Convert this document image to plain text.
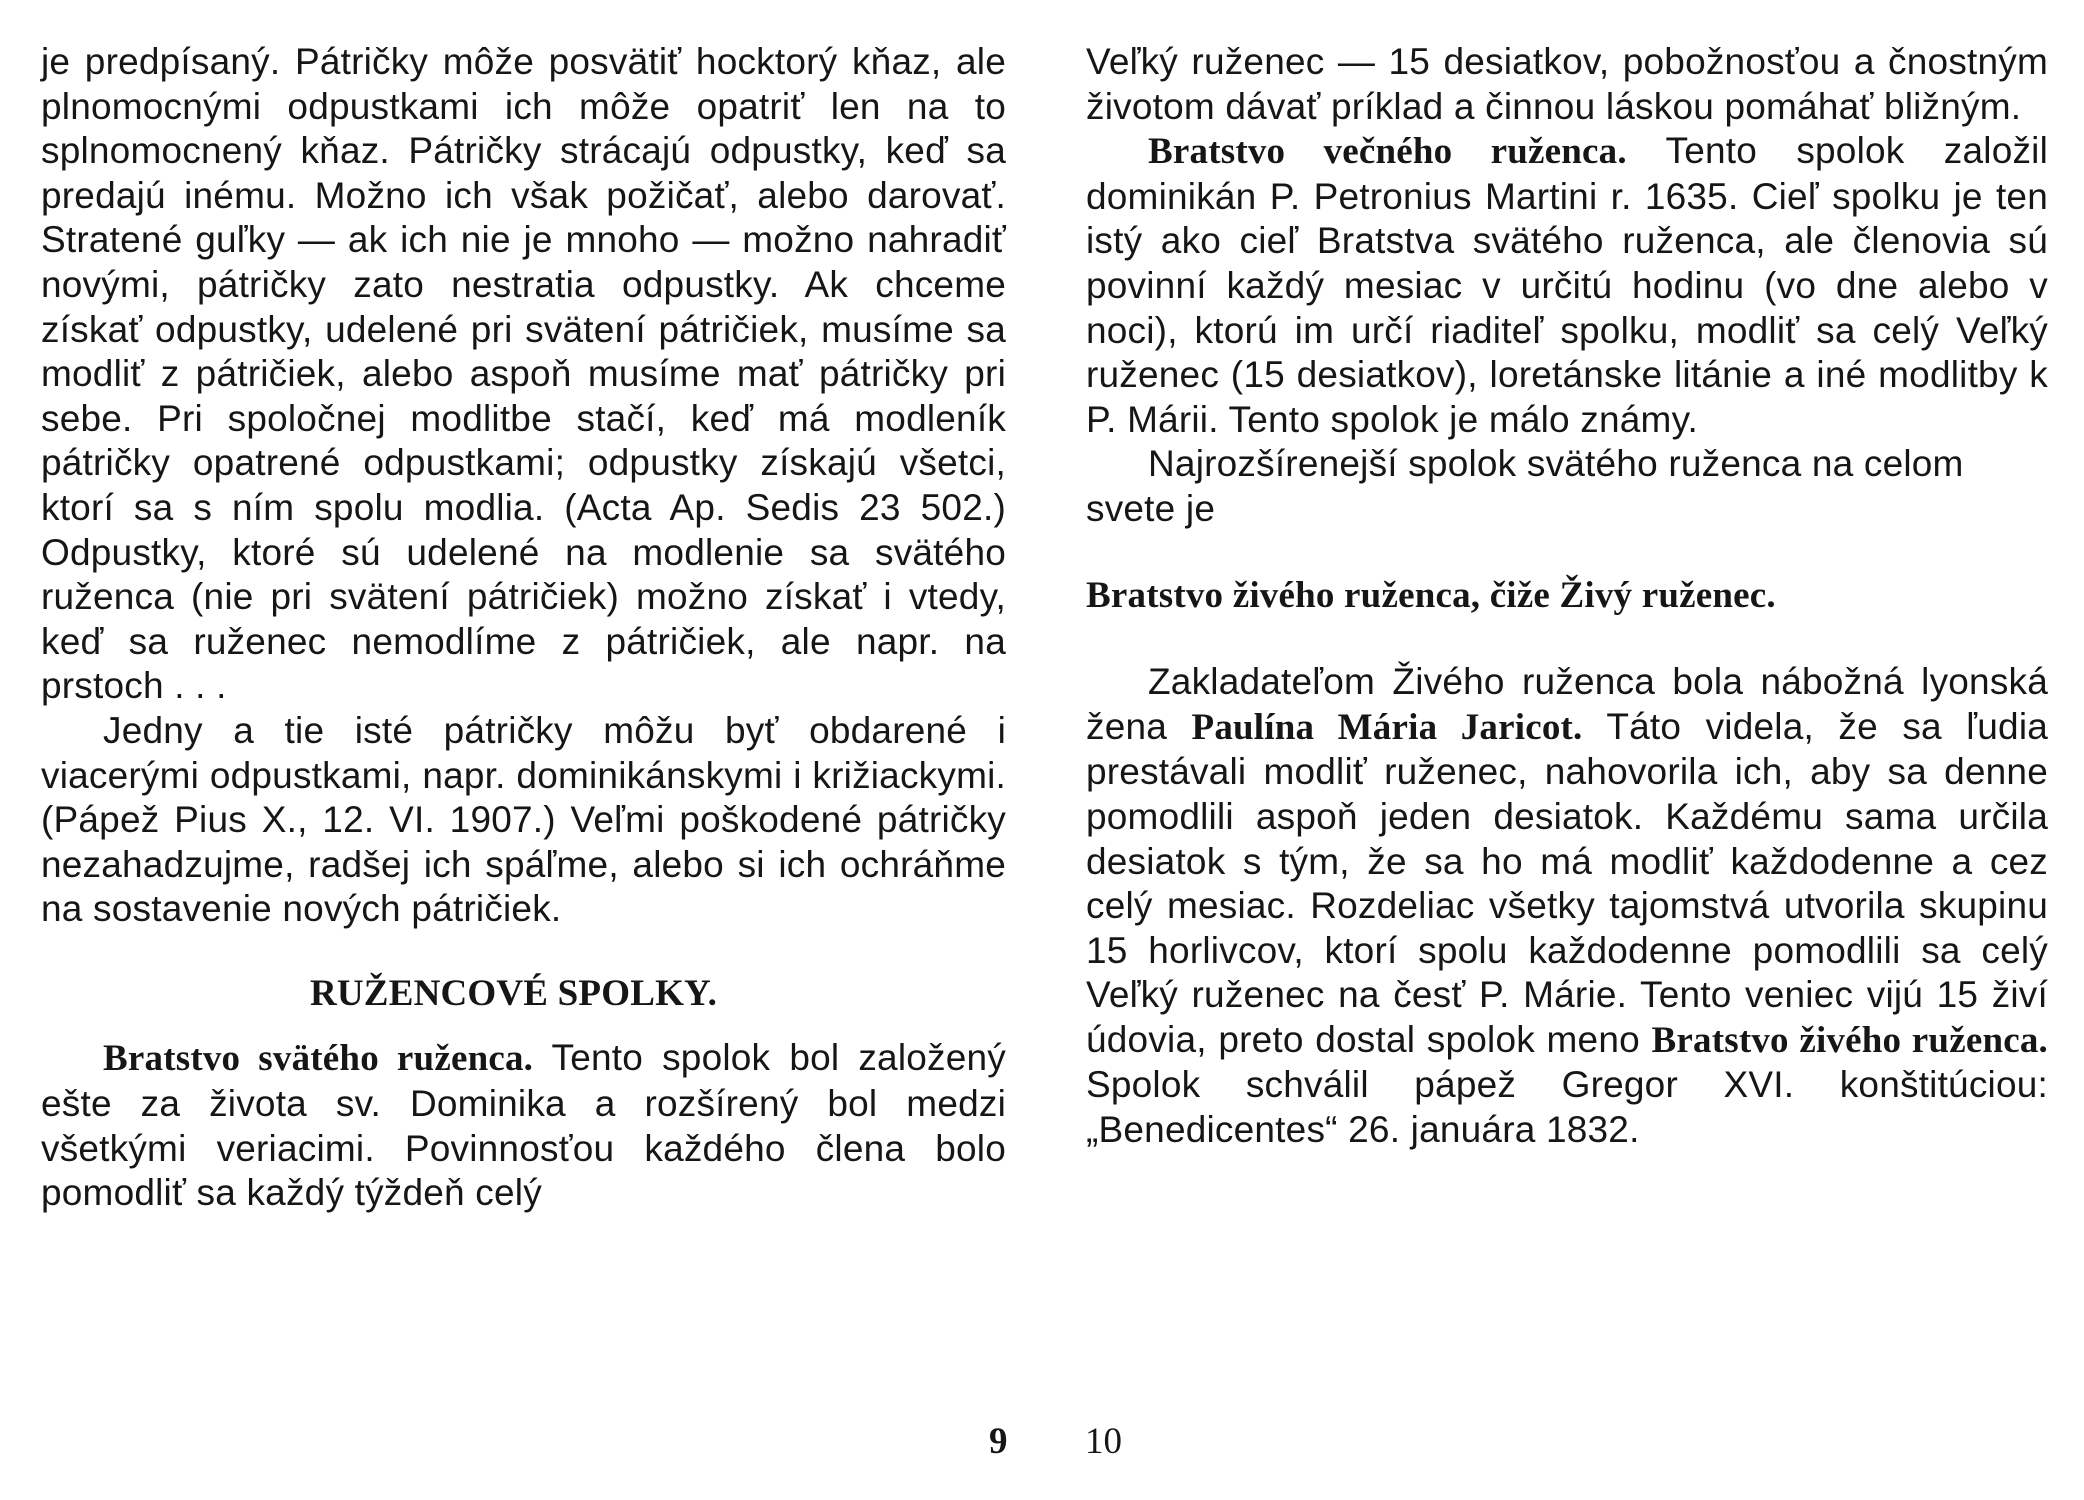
je predpísaný. Pátričky môže posvätiť hocktorý kňaz, ale plnomocnými odpustkami ich môže opatriť len na to splnomocnený kňaz. Pátričky strácajú odpustky, keď sa predajú inému. Možno ich však požičať, alebo darovať. Stratené guľky — ak ich nie je mnoho — možno nahradiť novými, pátričky zato nestratia odpustky. Ak chceme získať odpustky, udelené pri svätení pátričiek, musíme sa modliť z pátričiek, alebo aspoň musíme mať pátričky pri sebe. Pri spoločnej modlitbe stačí, keď má modleník pátričky opatrené odpustkami; odpustky získajú všetci, ktorí sa s ním spolu modlia. (Acta Ap. Sedis 23 502.) Odpustky, ktoré sú udelené na modlenie sa svätého ruženca (nie pri svätení pátričiek) možno získať i vtedy, keď sa ruženec nemodlíme z pátričiek, ale napr. na prstoch . . .

Jedny a tie isté pátričky môžu byť obdarené i viacerými odpustkami, napr. dominikánskymi i križiackymi. (Pápež Pius X., 12. VI. 1907.) Veľmi poškodené pátričky nezahadzujme, radšej ich spáľme, alebo si ich ochráňme na sostavenie nových pátričiek.

RUŽENCOVÉ SPOLKY.

Bratstvo svätého ruženca. Tento spolok bol založený ešte za života sv. Dominika a rozšírený bol medzi všetkými veriacimi. Povinnosťou každého člena bolo pomodliť sa každý týždeň celý

9

Veľký ruženec — 15 desiatkov, pobožnosťou a čnostným životom dávať príklad a činnou láskou pomáhať bližným.

Bratstvo večného ruženca. Tento spolok založil dominikán P. Petronius Martini r. 1635. Cieľ spolku je ten istý ako cieľ Bratstva svätého ruženca, ale členovia sú povinní každý mesiac v určitú hodinu (vo dne alebo v noci), ktorú im určí riaditeľ spolku, modliť sa celý Veľký ruženec (15 desiatkov), loretánske litánie a iné modlitby k P. Márii. Tento spolok je málo známy.

Najrozšírenejší spolok svätého ruženca na celom svete je

Bratstvo živého ruženca, čiže Živý ruženec.

Zakladateľom Živého ruženca bola nábožná lyonská žena Paulína Mária Jaricot. Táto videla, že sa ľudia prestávali modliť ruženec, nahovorila ich, aby sa denne pomodlili aspoň jeden desiatok. Každému sama určila desiatok s tým, že sa ho má modliť každodenne a cez celý mesiac. Rozdeliac všetky tajomstvá utvorila skupinu 15 horlivcov, ktorí spolu každodenne pomodlili sa celý Veľký ruženec na česť P. Márie. Tento veniec vijú 15 živí údovia, preto dostal spolok meno Bratstvo živého ruženca. Spolok schválil pápež Gregor XVI. konštitúciou: „Benedicentes“ 26. januára 1832.

10
